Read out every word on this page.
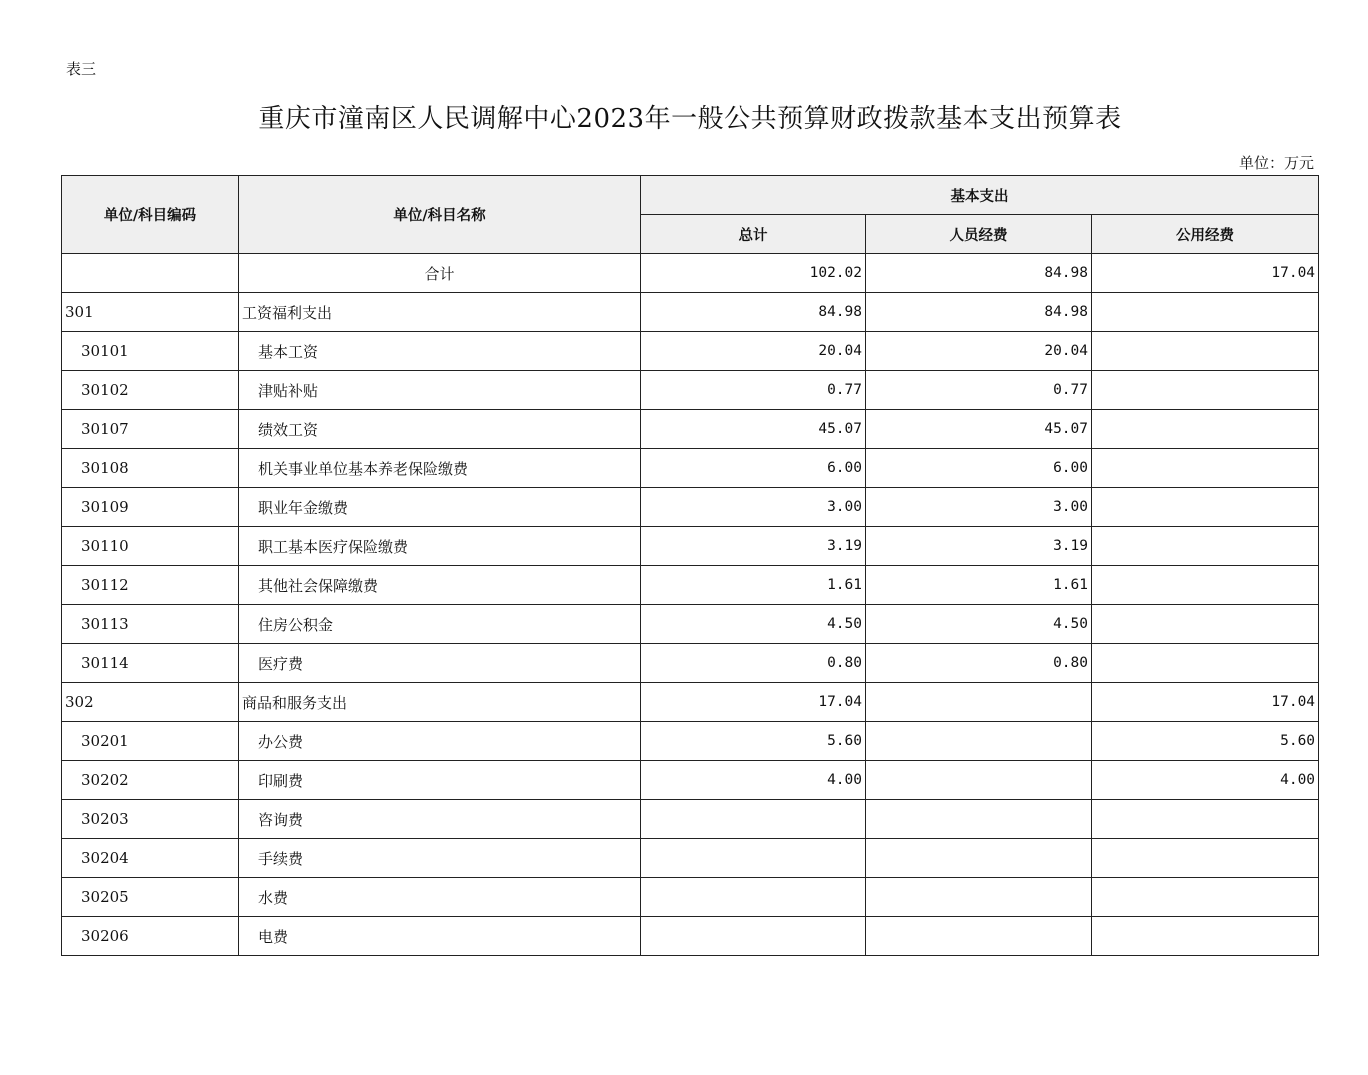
表三
重庆市潼南区人民调解中心2023年一般公共预算财政拨款基本支出预算表
单位：万元
单位/科目编码	单位/科目名称	基本支出		
		总计	人员经费	公用经费
	合计	102.02	84.98	17.04
301	工资福利支出	84.98	84.98	
30101	基本工资	20.04	20.04	
30102	津贴补贴	0.77	0.77	
30107	绩效工资	45.07	45.07	
30108	机关事业单位基本养老保险缴费	6.00	6.00	
30109	职业年金缴费	3.00	3.00	
30110	职工基本医疗保险缴费	3.19	3.19	
30112	其他社会保障缴费	1.61	1.61	
30113	住房公积金	4.50	4.50	
30114	医疗费	0.80	0.80	
302	商品和服务支出	17.04		17.04
30201	办公费	5.60		5.60
30202	印刷费	4.00		4.00
30203	咨询费			
30204	手续费			
30205	水费			
30206	电费			
